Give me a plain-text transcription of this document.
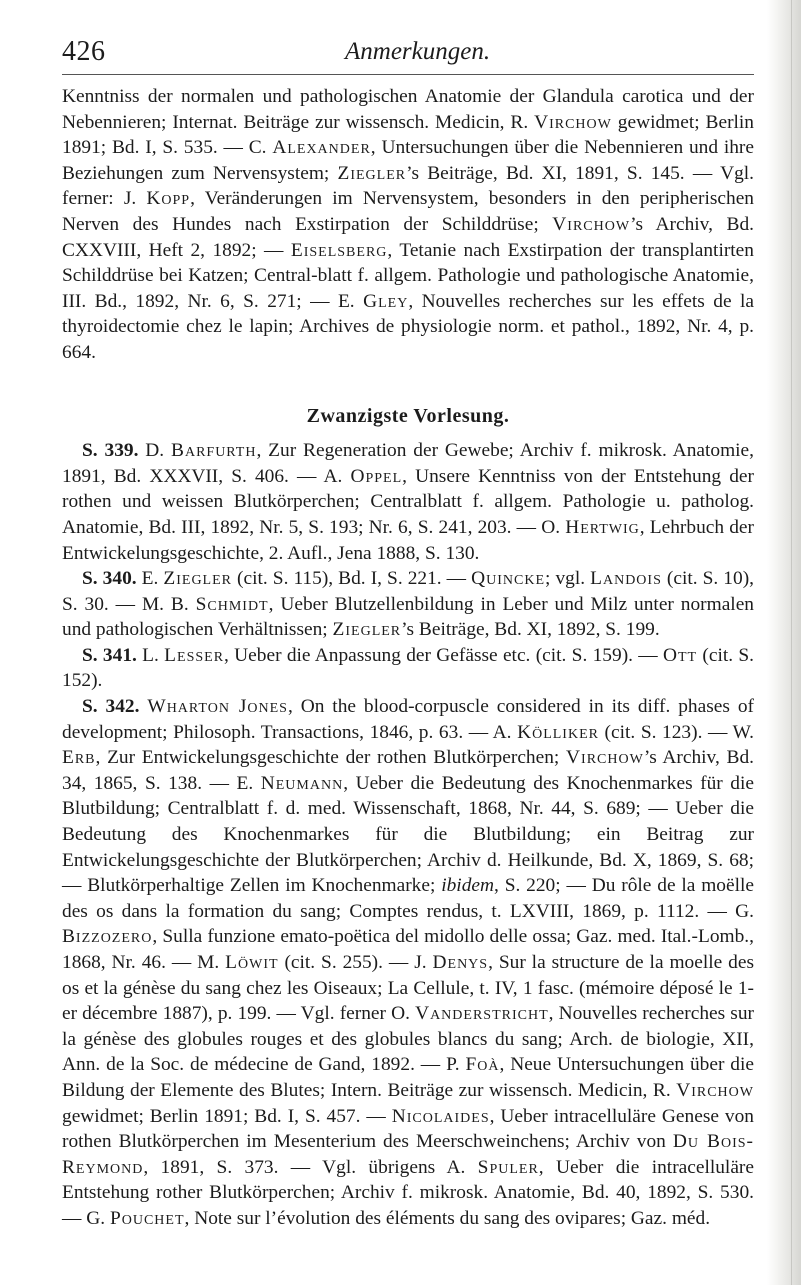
426	Anmerkungen.

Kenntniss der normalen und pathologischen Anatomie der Glandula carotica und der Nebennieren; Internat. Beiträge zur wissensch. Medicin, R. Virchow gewidmet; Berlin 1891; Bd. I, S. 535. — C. Alexander, Untersuchungen über die Nebennieren und ihre Beziehungen zum Nervensystem; Ziegler’s Beiträge, Bd. XI, 1891, S. 145. — Vgl. ferner: J. Kopp, Veränderungen im Nervensystem, besonders in den peripherischen Nerven des Hundes nach Exstirpation der Schilddrüse; Virchow’s Archiv, Bd. CXXVIII, Heft 2, 1892; — Eiselsberg, Tetanie nach Exstirpation der transplantirten Schilddrüse bei Katzen; Central-blatt f. allgem. Pathologie und pathologische Anatomie, III. Bd., 1892, Nr. 6, S. 271; — E. Gley, Nouvelles recherches sur les effets de la thyroidectomie chez le lapin; Archives de physiologie norm. et pathol., 1892, Nr. 4, p. 664.

Zwanzigste Vorlesung.

S. 339. D. Barfurth, Zur Regeneration der Gewebe; Archiv f. mikrosk. Anatomie, 1891, Bd. XXXVII, S. 406. — A. Oppel, Unsere Kenntniss von der Entstehung der rothen und weissen Blutkörperchen; Centralblatt f. allgem. Pathologie u. patholog. Anatomie, Bd. III, 1892, Nr. 5, S. 193; Nr. 6, S. 241, 203. — O. Hertwig, Lehrbuch der Entwickelungsgeschichte, 2. Aufl., Jena 1888, S. 130.

S. 340. E. Ziegler (cit. S. 115), Bd. I, S. 221. — Quincke; vgl. Landois (cit. S. 10), S. 30. — M. B. Schmidt, Ueber Blutzellenbildung in Leber und Milz unter normalen und pathologischen Verhältnissen; Ziegler’s Beiträge, Bd. XI, 1892, S. 199.

S. 341. L. Lesser, Ueber die Anpassung der Gefässe etc. (cit. S. 159). — Ott (cit. S. 152).

S. 342. Wharton Jones, On the blood-corpuscle considered in its diff. phases of development; Philosoph. Transactions, 1846, p. 63. — A. Kölliker (cit. S. 123). — W. Erb, Zur Entwickelungsgeschichte der rothen Blutkörperchen; Virchow’s Archiv, Bd. 34, 1865, S. 138. — E. Neumann, Ueber die Bedeutung des Knochenmarkes für die Blutbildung; Centralblatt f. d. med. Wissenschaft, 1868, Nr. 44, S. 689; — Ueber die Bedeutung des Knochenmarkes für die Blutbildung; ein Beitrag zur Entwickelungsgeschichte der Blutkörperchen; Archiv d. Heilkunde, Bd. X, 1869, S. 68; — Blutkörperhaltige Zellen im Knochenmarke; ibidem, S. 220; — Du rôle de la moëlle des os dans la formation du sang; Comptes rendus, t. LXVIII, 1869, p. 1112. — G. Bizzozero, Sulla funzione emato-poëtica del midollo delle ossa; Gaz. med. Ital.-Lomb., 1868, Nr. 46. — M. Löwit (cit. S. 255). — J. Denys, Sur la structure de la moelle des os et la génèse du sang chez les Oiseaux; La Cellule, t. IV, 1 fasc. (mémoire déposé le 1-er décembre 1887), p. 199. — Vgl. ferner O. Vanderstricht, Nouvelles recherches sur la génèse des globules rouges et des globules blancs du sang; Arch. de biologie, XII, Ann. de la Soc. de médecine de Gand, 1892. — P. Foà, Neue Untersuchungen über die Bildung der Elemente des Blutes; Intern. Beiträge zur wissensch. Medicin, R. Virchow gewidmet; Berlin 1891; Bd. I, S. 457. — Nicolaides, Ueber intracelluläre Genese von rothen Blutkörperchen im Mesenterium des Meerschweinchens; Archiv von Du Bois-Reymond, 1891, S. 373. — Vgl. übrigens A. Spuler, Ueber die intracelluläre Entstehung rother Blutkörperchen; Archiv f. mikrosk. Anatomie, Bd. 40, 1892, S. 530. — G. Pouchet, Note sur l’évolution des éléments du sang des ovipares; Gaz. méd.
